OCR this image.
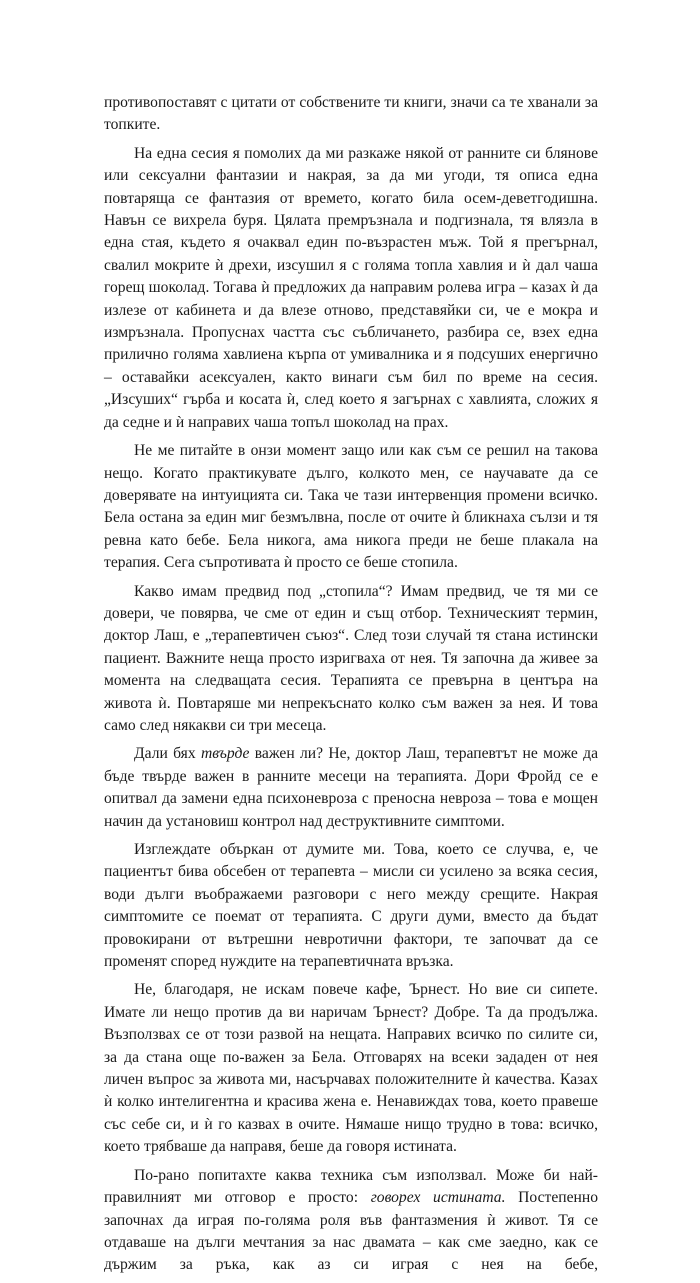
противопоставят с цитати от собствените ти книги, значи са те хванали за топките.

На една сесия я помолих да ми разкаже някой от ранните си блянове или сексуални фантазии и накрая, за да ми угоди, тя описа една повтаряща се фантазия от времето, когато била осем-деветгодишна. Навън се вихрела буря. Цялата премръзнала и подгизнала, тя влязла в една стая, където я очаквал един по-възрастен мъж. Той я прегърнал, свалил мокрите ѝ дрехи, изсушил я с голяма топла хавлия и ѝ дал чаша горещ шоколад. Тогава ѝ предложих да направим ролева игра – казах ѝ да излезе от кабинета и да влезе отново, представяйки си, че е мокра и измръзнала. Пропуснах частта със събличането, разбира се, взех една прилично голяма хавлиена кърпа от умивалника и я подсуших енергично – оставайки асексуален, както винаги съм бил по време на сесия. „Изсуших“ гърба и косата ѝ, след което я загърнах с хавлията, сложих я да седне и ѝ направих чаша топъл шоколад на прах.

Не ме питайте в онзи момент защо или как съм се решил на такова нещо. Когато практикувате дълго, колкото мен, се научавате да се доверявате на интуицията си. Така че тази интервенция промени всичко. Бела остана за един миг безмълвна, после от очите ѝ бликнаха сълзи и тя ревна като бебе. Бела никога, ама никога преди не беше плакала на терапия. Сега съпротивата ѝ просто се беше стопила.

Какво имам предвид под „стопила“? Имам предвид, че тя ми се довери, че повярва, че сме от един и същ отбор. Техническият термин, доктор Лаш, е „терапевтичен съюз“. След този случай тя стана истински пациент. Важните неща просто изригваха от нея. Тя започна да живее за момента на следващата сесия. Терапията се превърна в центъра на живота ѝ. Повтаряше ми непрекъснато колко съм важен за нея. И това само след някакви си три месеца.

Дали бях твърде важен ли? Не, доктор Лаш, терапевтът не може да бъде твърде важен в ранните месеци на терапията. Дори Фройд се е опитвал да замени една психоневроза с преносна невроза – това е мощен начин да установиш контрол над деструктивните симптоми.

Изглеждате объркан от думите ми. Това, което се случва, е, че пациентът бива обсебен от терапевта – мисли си усилено за всяка сесия, води дълги въображаеми разговори с него между срещите. Накрая симптомите се поемат от терапията. С други думи, вместо да бъдат провокирани от вътрешни невротични фактори, те започват да се променят според нуждите на терапевтичната връзка.

Не, благодаря, не искам повече кафе, Ърнест. Но вие си сипете. Имате ли нещо против да ви наричам Ърнест? Добре. Та да продължа. Възползвах се от този развой на нещата. Направих всичко по силите си, за да стана още по-важен за Бела. Отговарях на всеки зададен от нея личен въпрос за живота ми, насърчавах положителните ѝ качества. Казах ѝ колко интелигентна и красива жена е. Ненавиждах това, което правеше със себе си, и ѝ го казвах в очите. Нямаше нищо трудно в това: всичко, което трябваше да направя, беше да говоря истината.

По-рано попитахте каква техника съм използвал. Може би най-правилният ми отговор е просто: говорех истината. Постепенно започнах да играя по-голяма роля във фантазмения ѝ живот. Тя се отдаваше на дълги мечтания за нас двамата – как сме заедно, как се държим за ръка, как аз си играя с нея на бебе,
